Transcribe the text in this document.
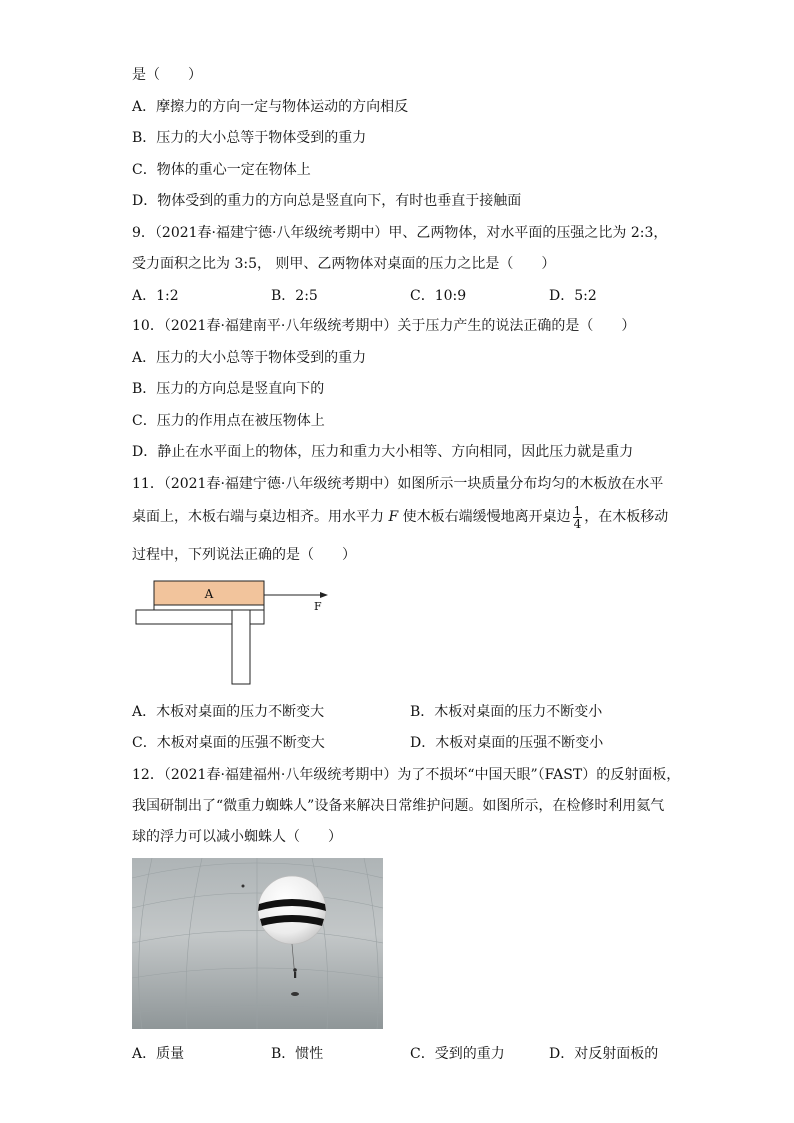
是（　　）
A．摩擦力的方向一定与物体运动的方向相反
B．压力的大小总等于物体受到的重力
C．物体的重心一定在物体上
D．物体受到的重力的方向总是竖直向下，有时也垂直于接触面
9．（2021春·福建宁德·八年级统考期中）甲、乙两物体，对水平面的压强之比为 2:3，
受力面积之比为 3:5， 则甲、乙两物体对桌面的压力之比是（　　）
A．1:2	B．2:5	C．10:9	D．5:2
10．（2021春·福建南平·八年级统考期中）关于压力产生的说法正确的是（　　）
A．压力的大小总等于物体受到的重力
B．压力的方向总是竖直向下的
C．压力的作用点在被压物体上
D．静止在水平面上的物体，压力和重力大小相等、方向相同，因此压力就是重力
11．（2021春·福建宁德·八年级统考期中）如图所示一块质量分布均匀的木板放在水平
桌面上，木板右端与桌边相齐。用水平力 F 使木板右端缓慢地离开桌边 $\frac{1}{4}$ ，在木板移动
过程中，下列说法正确的是（　　）
A
F
A．木板对桌面的压力不断变大	B．木板对桌面的压力不断变小
C．木板对桌面的压强不断变大	D．木板对桌面的压强不断变小
12．（2021春·福建福州·八年级统考期中）为了不损坏“中国天眼”（FAST）的反射面板，
我国研制出了“微重力蜘蛛人”设备来解决日常维护问题。如图所示，在检修时利用氦气
球的浮力可以减小蜘蛛人（　　）
A．质量	B．惯性	C．受到的重力	D．对反射面板的
